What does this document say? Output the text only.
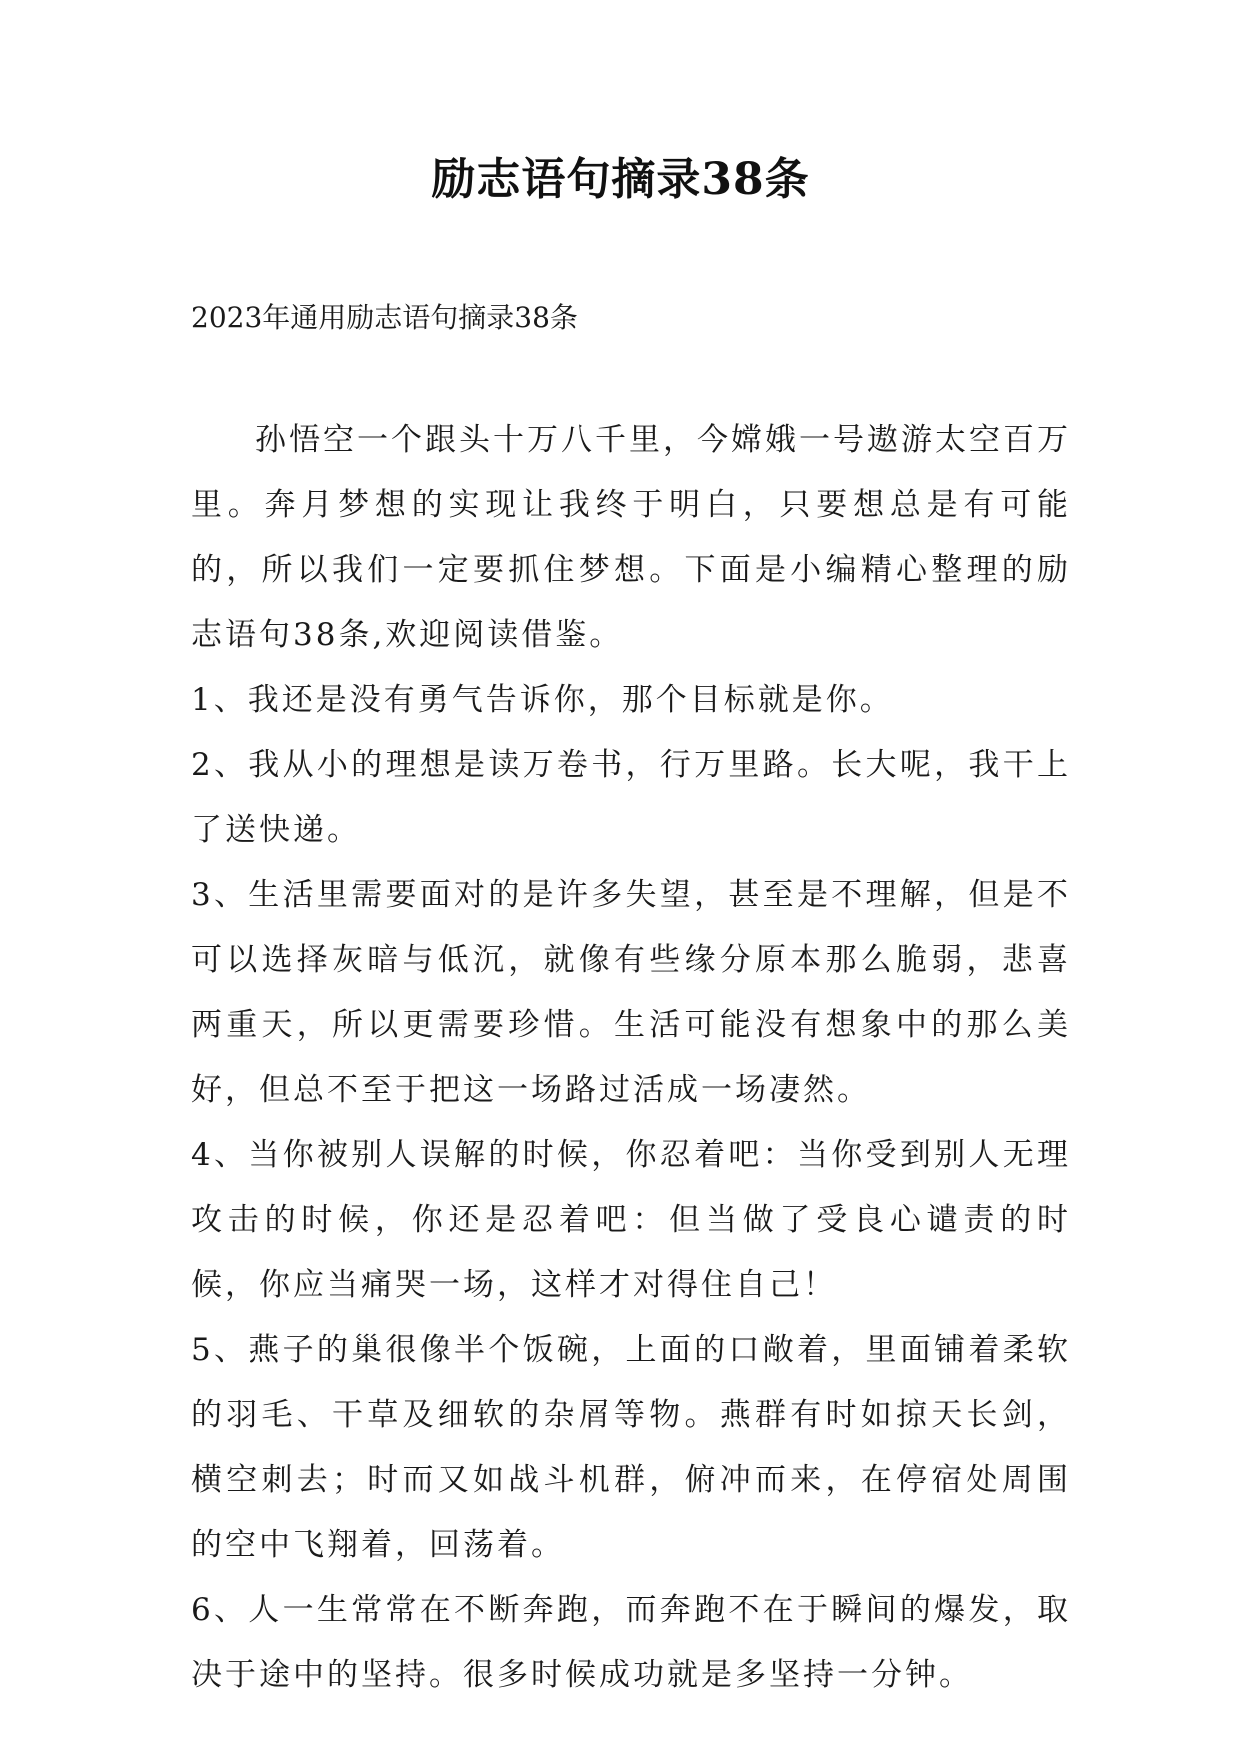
励志语句摘录38条
2023年通用励志语句摘录38条

孙悟空一个跟头十万八千里，今嫦娥一号遨游太空百万里。奔月梦想的实现让我终于明白，只要想总是有可能的，所以我们一定要抓住梦想。下面是小编精心整理的励志语句38条,欢迎阅读借鉴。

1、我还是没有勇气告诉你，那个目标就是你。

2、我从小的理想是读万卷书，行万里路。长大呢，我干上了送快递。

3、生活里需要面对的是许多失望，甚至是不理解，但是不可以选择灰暗与低沉，就像有些缘分原本那么脆弱，悲喜两重天，所以更需要珍惜。生活可能没有想象中的那么美好，但总不至于把这一场路过活成一场凄然。

4、当你被别人误解的时候，你忍着吧：当你受到别人无理攻击的时候，你还是忍着吧：但当做了受良心谴责的时候，你应当痛哭一场，这样才对得住自己！

5、燕子的巢很像半个饭碗，上面的口敞着，里面铺着柔软的羽毛、干草及细软的杂屑等物。燕群有时如掠天长剑，横空刺去；时而又如战斗机群，俯冲而来，在停宿处周围的空中飞翔着，回荡着。

6、人一生常常在不断奔跑，而奔跑不在于瞬间的爆发，取决于途中的坚持。很多时候成功就是多坚持一分钟。
